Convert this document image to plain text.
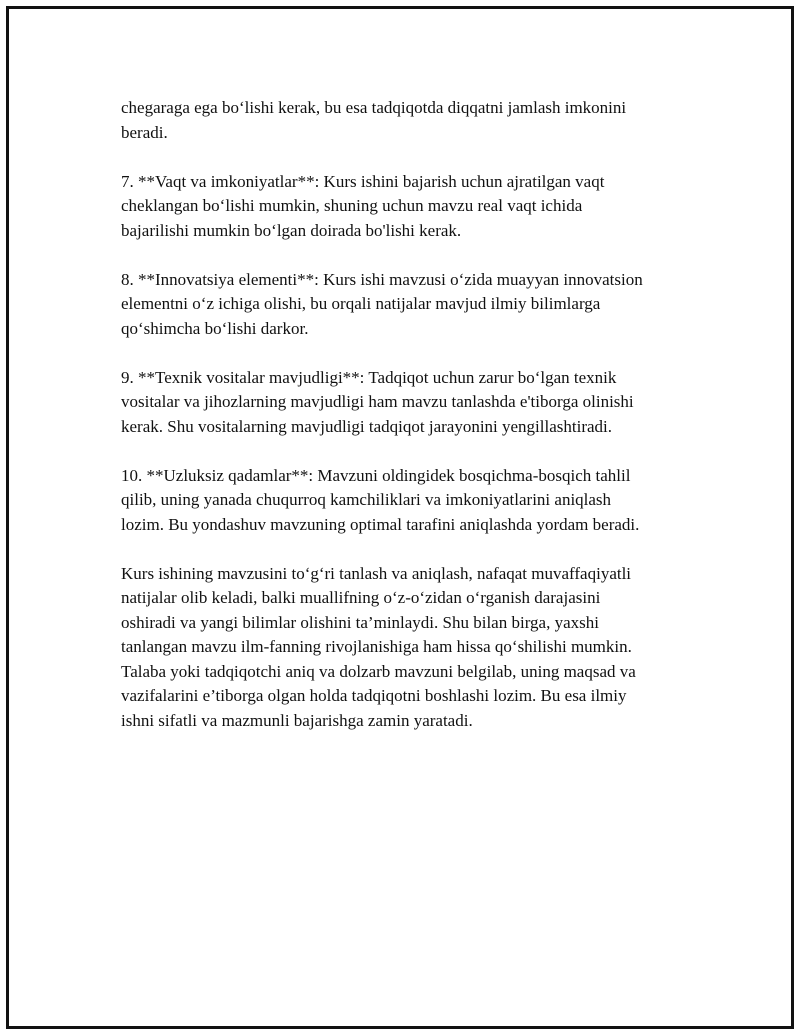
chegaraga ega bo‘lishi kerak, bu esa tadqiqotda diqqatni jamlash imkonini
beradi.

7. **Vaqt va imkoniyatlar**: Kurs ishini bajarish uchun ajratilgan vaqt
cheklangan bo‘lishi mumkin, shuning uchun mavzu real vaqt ichida
bajarilishi mumkin bo‘lgan doirada bo'lishi kerak.

8. **Innovatsiya elementi**: Kurs ishi mavzusi o‘zida muayyan innovatsion
elementni o‘z ichiga olishi, bu orqali natijalar mavjud ilmiy bilimlarga
qo‘shimcha bo‘lishi darkor.

9. **Texnik vositalar mavjudligi**: Tadqiqot uchun zarur bo‘lgan texnik
vositalar va jihozlarning mavjudligi ham mavzu tanlashda e'tiborga olinishi
kerak. Shu vositalarning mavjudligi tadqiqot jarayonini yengillashtiradi.

10. **Uzluksiz qadamlar**: Mavzuni oldingidek bosqichma-bosqich tahlil
qilib, uning yanada chuqurroq kamchiliklari va imkoniyatlarini aniqlash
lozim. Bu yondashuv mavzuning optimal tarafini aniqlashda yordam beradi.

Kurs ishining mavzusini to‘g‘ri tanlash va aniqlash, nafaqat muvaffaqiyatli
natijalar olib keladi, balki muallifning o‘z-o‘zidan o‘rganish darajasini
oshiradi va yangi bilimlar olishini ta’minlaydi. Shu bilan birga, yaxshi
tanlangan mavzu ilm-fanning rivojlanishiga ham hissa qo‘shilishi mumkin.
Talaba yoki tadqiqotchi aniq va dolzarb mavzuni belgilab, uning maqsad va
vazifalarini e’tiborga olgan holda tadqiqotni boshlashi lozim. Bu esa ilmiy
ishni sifatli va mazmunli bajarishga zamin yaratadi.
